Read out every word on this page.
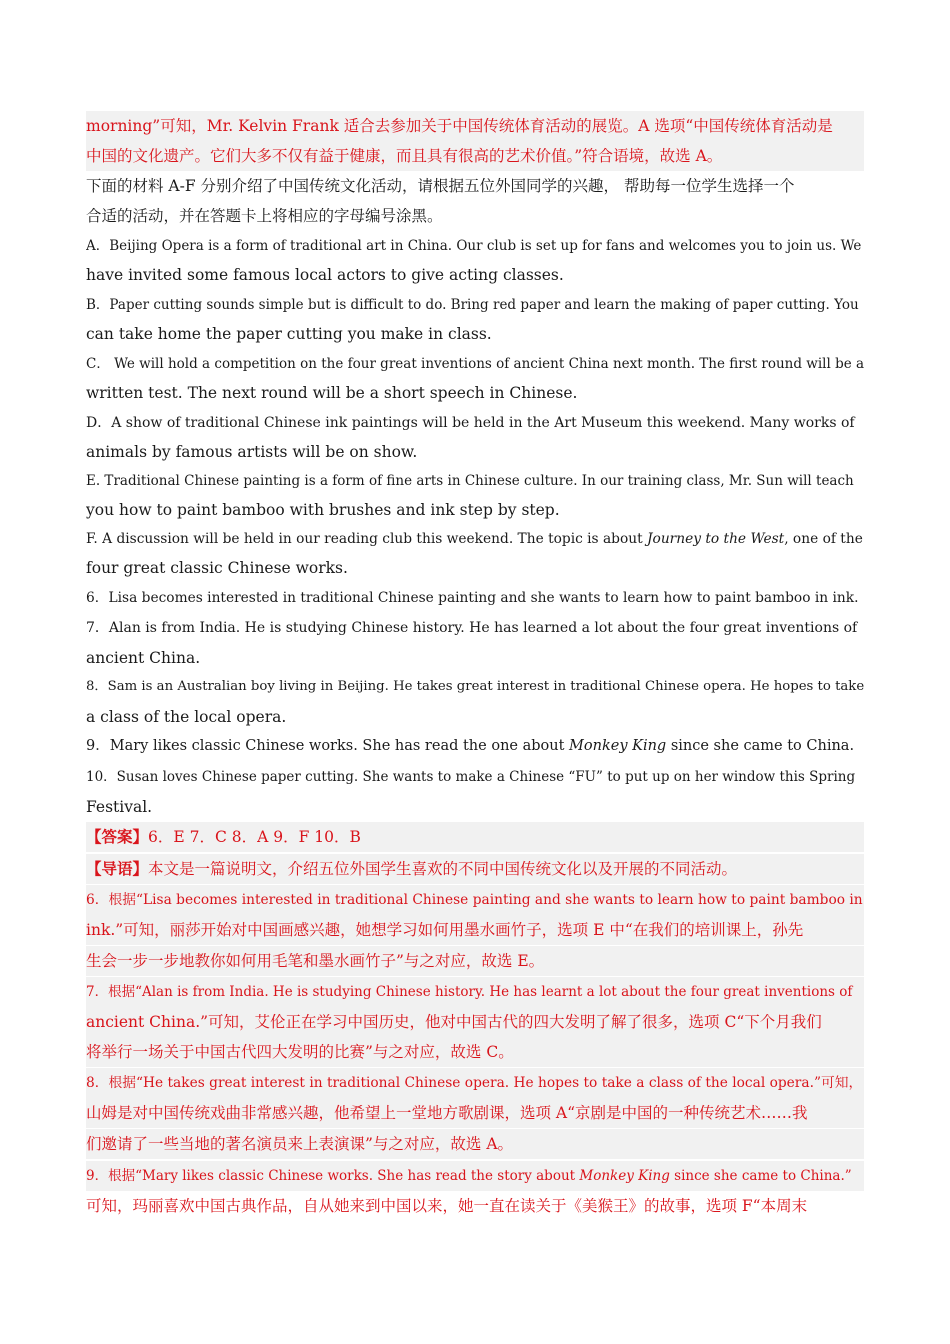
morning”可知，Mr. Kelvin Frank 适合去参加关于中国传统体育活动的展览。A 选项“中国传统体育活动是
中国的文化遗产。它们大多不仅有益于健康，而且具有很高的艺术价值。”符合语境，故选 A。
下面的材料 A-F 分别介绍了中国传统文化活动，请根据五位外国同学的兴趣， 帮助每一位学生选择一个
合适的活动，并在答题卡上将相应的字母编号涂黑。
A．Beijing Opera is a form of traditional art in China. Our club is set up for fans and welcomes you to join us. We
have invited some famous local actors to give acting classes.
B．Paper cutting sounds simple but is difficult to do. Bring red paper and learn the making of paper cutting. You
can take home the paper cutting you make in class.
C． We will hold a competition on the four great inventions of ancient China next month. The first round will be a
written test. The next round will be a short speech in Chinese.
D．A show of traditional Chinese ink paintings will be held in the Art Museum this weekend. Many works of
animals by famous artists will be on show.
E. Traditional Chinese painting is a form of fine arts in Chinese culture. In our training class, Mr. Sun will teach
you how to paint bamboo with brushes and ink step by step.
F. A discussion will be held in our reading club this weekend. The topic is about Journey to the West, one of the
four great classic Chinese works.
6．Lisa becomes interested in traditional Chinese painting and she wants to learn how to paint bamboo in ink.
7．Alan is from India. He is studying Chinese history. He has learned a lot about the four great inventions of
ancient China.
8．Sam is an Australian boy living in Beijing. He takes great interest in traditional Chinese opera. He hopes to take
a class of the local opera.
9．Mary likes classic Chinese works. She has read the one about Monkey King since she came to China.
10．Susan loves Chinese paper cutting. She wants to make a Chinese “FU” to put up on her window this Spring
Festival.
【答案】6．E 7．C 8．A 9．F 10．B
【导语】本文是一篇说明文，介绍五位外国学生喜欢的不同中国传统文化以及开展的不同活动。
6．根据“Lisa becomes interested in traditional Chinese painting and she wants to learn how to paint bamboo in
ink.”可知，丽莎开始对中国画感兴趣，她想学习如何用墨水画竹子，选项 E 中“在我们的培训课上，孙先
生会一步一步地教你如何用毛笔和墨水画竹子”与之对应，故选 E。
7．根据“Alan is from India. He is studying Chinese history. He has learnt a lot about the four great inventions of
ancient China.”可知，艾伦正在学习中国历史，他对中国古代的四大发明了解了很多，选项 C“下个月我们
将举行一场关于中国古代四大发明的比赛”与之对应，故选 C。
8．根据“He takes great interest in traditional Chinese opera. He hopes to take a class of the local opera.”可知，
山姆是对中国传统戏曲非常感兴趣，他希望上一堂地方歌剧课，选项 A“京剧是中国的一种传统艺术……我
们邀请了一些当地的著名演员来上表演课”与之对应，故选 A。
9．根据“Mary likes classic Chinese works. She has read the story about Monkey King since she came to China.”
可知，玛丽喜欢中国古典作品，自从她来到中国以来，她一直在读关于《美猴王》的故事，选项 F“本周末
